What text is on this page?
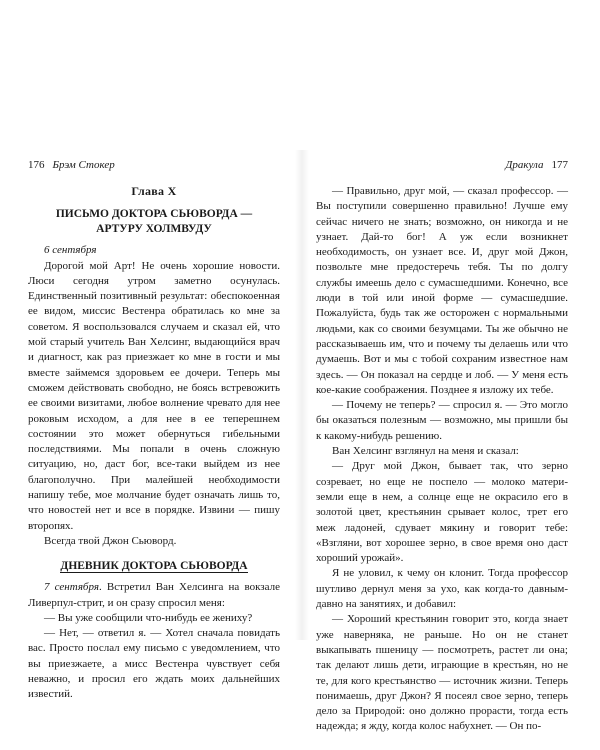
176 Брэм Стокер
Глава X
ПИСЬМО ДОКТОРА СЬЮВОРДА —
АРТУРУ ХОЛМВУДУ

6 сентября

Дорогой мой Арт! Не очень хорошие новости. Люси сегодня утром заметно осунулась. Единственный позитивный результат: обеспокоенная ее видом, миссис Вестенра обратилась ко мне за советом. Я воспользовался случаем и сказал ей, что мой старый учитель Ван Хелсинг, выдающийся врач и диагност, как раз приезжает ко мне в гости и мы вместе займемся здоровьем ее дочери. Теперь мы сможем действовать свободно, не боясь встревожить ее своими визитами, любое волнение чревато для нее роковым исходом, а для нее в ее теперешнем состоянии это может обернуться гибельными последствиями. Мы попали в очень сложную ситуацию, но, даст бог, все-таки выйдем из нее благополучно. При малейшей необходимости напишу тебе, мое молчание будет означать лишь то, что новостей нет и все в порядке. Извини — пишу второпях.

Всегда твой Джон Сьюворд.

ДНЕВНИК ДОКТОРА СЬЮВОРДА

7 сентября. Встретил Ван Хелсинга на вокзале Ливерпул-стрит, и он сразу спросил меня:

— Вы уже сообщили что-нибудь ее жениху?

— Нет, — ответил я. — Хотел сначала повидать вас. Просто послал ему письмо с уведомлением, что вы приезжаете, а мисс Вестенра чувствует себя неважно, и просил его ждать моих дальнейших известий.

Дракула 177

— Правильно, друг мой, — сказал профессор. — Вы поступили совершенно правильно! Лучше ему сейчас ничего не знать; возможно, он никогда и не узнает. Дай-то бог! А уж если возникнет необходимость, он узнает все. И, друг мой Джон, позвольте мне предостеречь тебя. Ты по долгу службы имеешь дело с сумасшедшими. Конечно, все люди в той или иной форме — сумасшедшие. Пожалуйста, будь так же осторожен с нормальными людьми, как со своими безумцами. Ты же обычно не рассказываешь им, что и почему ты делаешь или что думаешь. Вот и мы с тобой сохраним известное нам здесь. — Он показал на сердце и лоб. — У меня есть кое-какие соображения. Позднее я изложу их тебе.

— Почему не теперь? — спросил я. — Это могло бы оказаться полезным — возможно, мы пришли бы к какому-нибудь решению.

Ван Хелсинг взглянул на меня и сказал:

— Друг мой Джон, бывает так, что зерно созревает, но еще не поспело — молоко матери-земли еще в нем, а солнце еще не окрасило его в золотой цвет, крестьянин срывает колос, трет его меж ладоней, сдувает мякину и говорит тебе: «Взгляни, вот хорошее зерно, в свое время оно даст хороший урожай».

Я не уловил, к чему он клонит. Тогда профессор шутливо дернул меня за ухо, как когда-то давным-давно на занятиях, и добавил:

— Хороший крестьянин говорит это, когда знает уже наверняка, не раньше. Но он не станет выкапывать пшеницу — посмотреть, растет ли она; так делают лишь дети, играющие в крестьян, но не те, для кого крестьянство — источник жизни. Теперь понимаешь, друг Джон? Я посеял свое зерно, теперь дело за Природой: оно должно прорасти, тогда есть надежда; я жду, когда колос набухнет. — Он по-
